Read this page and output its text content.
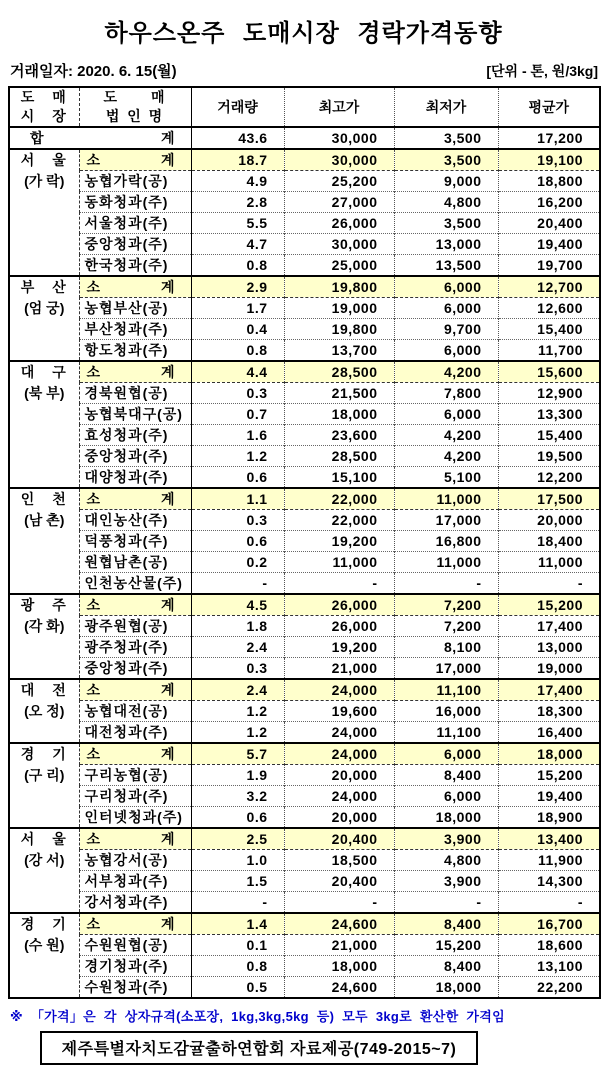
하우스온주 도매시장 경락가격동향
거래일자: 2020. 6. 15(월)	[단위 - 톤, 원/3kg]
도　매
시　장

도　　매
법 인 명
	거래량	최고가	최저가	평균가

합 계		43.6	30,000	3,500	17,200

서　울
(가 락)

소	계	18.7	30,000	3,500	19,100
	농협가락(공)	4.9	25,200	9,000	18,800
	동화청과(주)	2.8	27,000	4,800	16,200
	서울청과(주)	5.5	26,000	3,500	20,400
	중앙청과(주)	4.7	30,000	13,000	19,400
	한국청과(주)	0.8	25,000	13,500	19,700

부　산
(엄 궁)

소	계	2.9	19,800	6,000	12,700
	농협부산(공)	1.7	19,000	6,000	12,600
	부산청과(주)	0.4	19,800	9,700	15,400
	항도청과(주)	0.8	13,700	6,000	11,700

대　구
(북 부)

소	계	4.4	28,500	4,200	15,600
	경북원협(공)	0.3	21,500	7,800	12,900
	농협북대구(공)	0.7	18,000	6,000	13,300
	효성청과(주)	1.6	23,600	4,200	15,400
	중앙청과(주)	1.2	28,500	4,200	19,500
	대양청과(주)	0.6	15,100	5,100	12,200

인　천
(남 촌)

소	계	1.1	22,000	11,000	17,500
	대인농산(주)	0.3	22,000	17,000	20,000
	덕풍청과(주)	0.6	19,200	16,800	18,400
	원협남촌(공)	0.2	11,000	11,000	11,000
	인천농산물(주)	-	-	-	-

광　주
(각 화)

소	계	4.5	26,000	7,200	15,200
	광주원협(공)	1.8	26,000	7,200	17,400
	광주청과(주)	2.4	19,200	8,100	13,000
	중앙청과(주)	0.3	21,000	17,000	19,000

대　전
(오 정)

소	계	2.4	24,000	11,100	17,400
	농협대전(공)	1.2	19,600	16,000	18,300
	대전청과(주)	1.2	24,000	11,100	16,400

경　기
(구 리)

소	계	5.7	24,000	6,000	18,000
	구리농협(공)	1.9	20,000	8,400	15,200
	구리청과(주)	3.2	24,000	6,000	19,400
	인터넷청과(주)	0.6	20,000	18,000	18,900

서　울
(강 서)

소	계	2.5	20,400	3,900	13,400
	농협강서(공)	1.0	18,500	4,800	11,900
	서부청과(주)	1.5	20,400	3,900	14,300
	강서청과(주)	-	-	-	-

경　기
(수 원)

소	계	1.4	24,600	8,400	16,700
	수원원협(공)	0.1	21,000	15,200	18,600
	경기청과(주)	0.8	18,000	8,400	13,100
	수원청과(주)	0.5	24,600	18,000	22,200
※ 「가격」은 각 상자규격(소포장, 1kg,3kg,5kg 등) 모두 3kg로 환산한 가격임
제주특별자치도감귤출하연합회 자료제공(749-2015~7)
